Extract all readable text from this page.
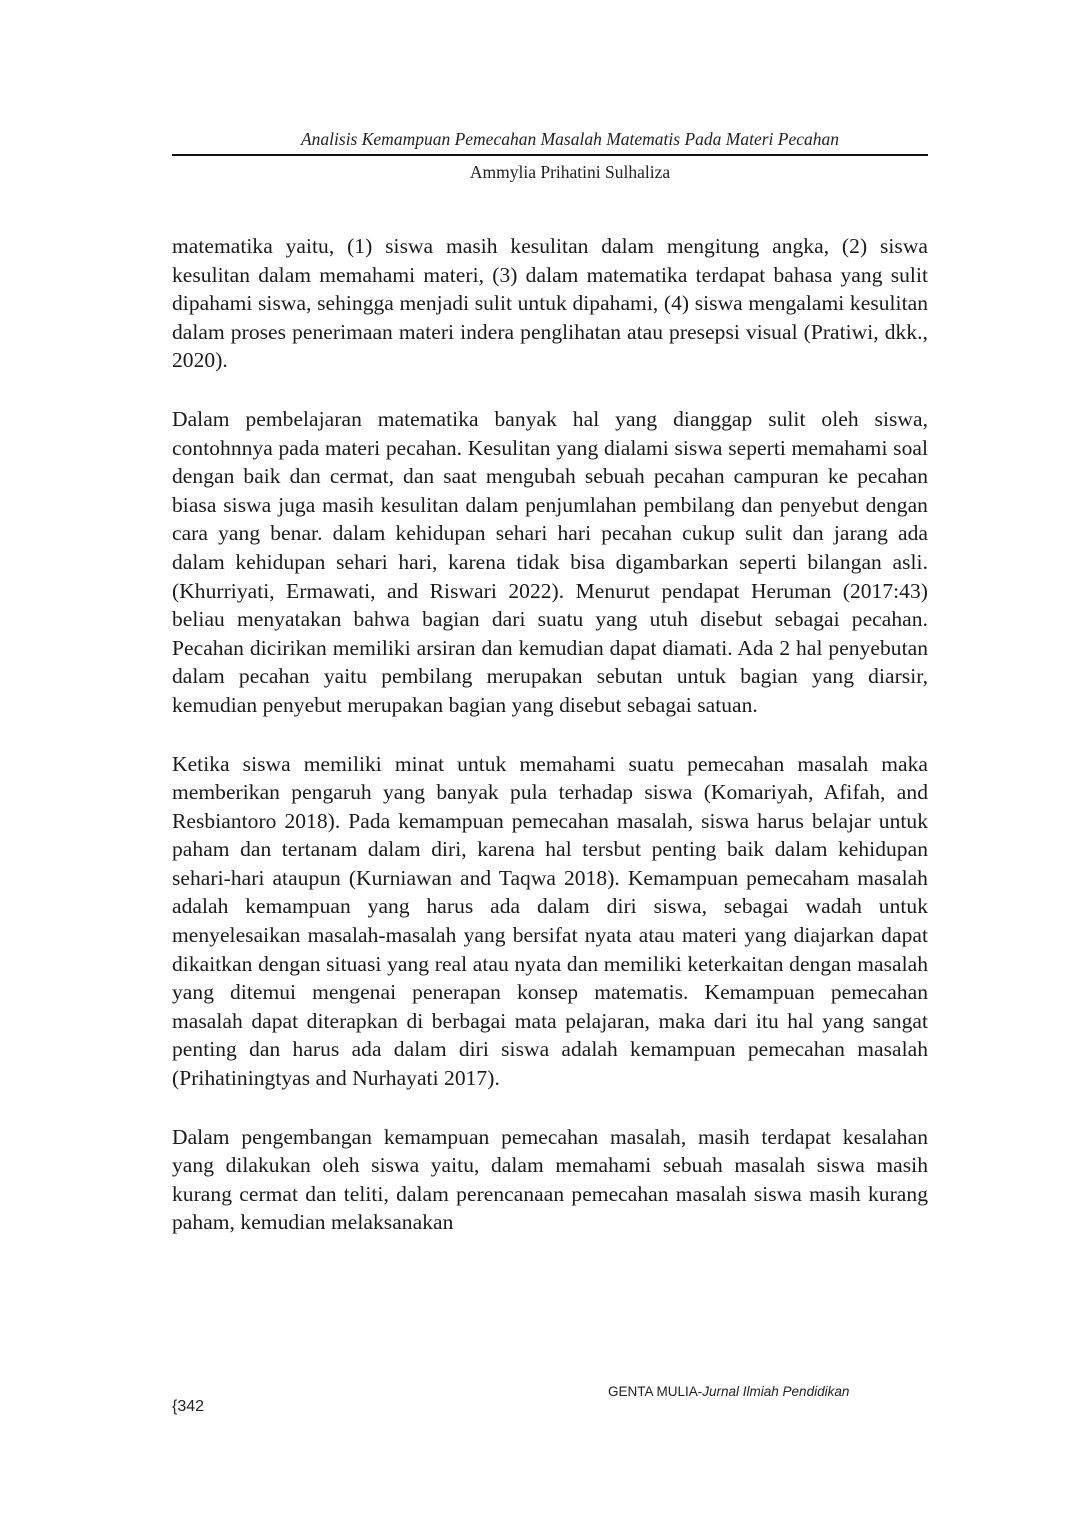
Analisis Kemampuan Pemecahan Masalah Matematis Pada Materi Pecahan
Ammylia Prihatini Sulhaliza

matematika yaitu, (1) siswa masih kesulitan dalam mengitung angka, (2) siswa kesulitan dalam memahami materi, (3) dalam matematika terdapat bahasa yang sulit dipahami siswa, sehingga menjadi sulit untuk dipahami, (4) siswa mengalami kesulitan dalam proses penerimaan materi indera penglihatan atau presepsi visual (Pratiwi, dkk., 2020).

Dalam pembelajaran matematika banyak hal yang dianggap sulit oleh siswa, contohnnya pada materi pecahan. Kesulitan yang dialami siswa seperti memahami soal dengan baik dan cermat, dan saat mengubah sebuah pecahan campuran ke pecahan biasa siswa juga masih kesulitan dalam penjumlahan pembilang dan penyebut dengan cara yang benar. dalam kehidupan sehari hari pecahan cukup sulit dan jarang ada dalam kehidupan sehari hari, karena tidak bisa digambarkan seperti bilangan asli. (Khurriyati, Ermawati, and Riswari 2022). Menurut pendapat Heruman (2017:43) beliau menyatakan bahwa bagian dari suatu yang utuh disebut sebagai pecahan. Pecahan dicirikan memiliki arsiran dan kemudian dapat diamati. Ada 2 hal penyebutan dalam pecahan yaitu pembilang merupakan sebutan untuk bagian yang diarsir, kemudian penyebut merupakan bagian yang disebut sebagai satuan.

Ketika siswa memiliki minat untuk memahami suatu pemecahan masalah maka memberikan pengaruh yang banyak pula terhadap siswa (Komariyah, Afifah, and Resbiantoro 2018). Pada kemampuan pemecahan masalah, siswa harus belajar untuk paham dan tertanam dalam diri, karena hal tersbut penting baik dalam kehidupan sehari-hari ataupun (Kurniawan and Taqwa 2018). Kemampuan pemecaham masalah adalah kemampuan yang harus ada dalam diri siswa, sebagai wadah untuk menyelesaikan masalah-masalah yang bersifat nyata atau materi yang diajarkan dapat dikaitkan dengan situasi yang real atau nyata dan memiliki keterkaitan dengan masalah yang ditemui mengenai penerapan konsep matematis. Kemampuan pemecahan masalah dapat diterapkan di berbagai mata pelajaran, maka dari itu hal yang sangat penting dan harus ada dalam diri siswa adalah kemampuan pemecahan masalah (Prihatiningtyas and Nurhayati 2017).

Dalam pengembangan kemampuan pemecahan masalah, masih terdapat kesalahan yang dilakukan oleh siswa yaitu, dalam memahami sebuah masalah siswa masih kurang cermat dan teliti, dalam perencanaan pemecahan masalah siswa masih kurang paham, kemudian melaksanakan

GENTA MULIA-Jurnal Ilmiah Pendidikan
{342
